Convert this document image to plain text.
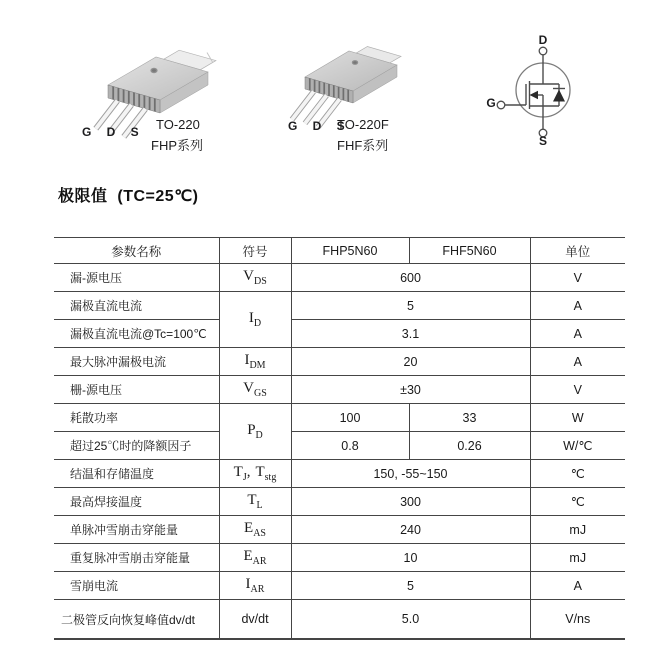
G D S TO-220
FHP系列
G D S
TO-220F
FHF系列
D
G
S
极限值  (TC=25℃)
参数名称	符号	FHP5N60	FHF5N60	单位
漏-源电压	$V_{DS}$	600		V
漏极直流电流	$I_D$	5		A
漏极直流电流@Tc=100℃		3.1		A
最大脉冲漏极电流	$I_{DM}$	20		A
栅-源电压	$V_{GS}$	±30		V
耗散功率	$P_D$	100	33	W
超过25℃时的降额因子		0.8	0.26	W/℃
结温和存储温度	$T_J$, $T_{stg}$	150, -55~150		℃
最高焊接温度	$T_L$	300		℃
单脉冲雪崩击穿能量	$E_{AS}$	240		mJ
重复脉冲雪崩击穿能量	$E_{AR}$	10		mJ
雪崩电流	$I_{AR}$	5		A
二极管反向恢复峰值dv/dt	dv/dt	5.0		V/ns
